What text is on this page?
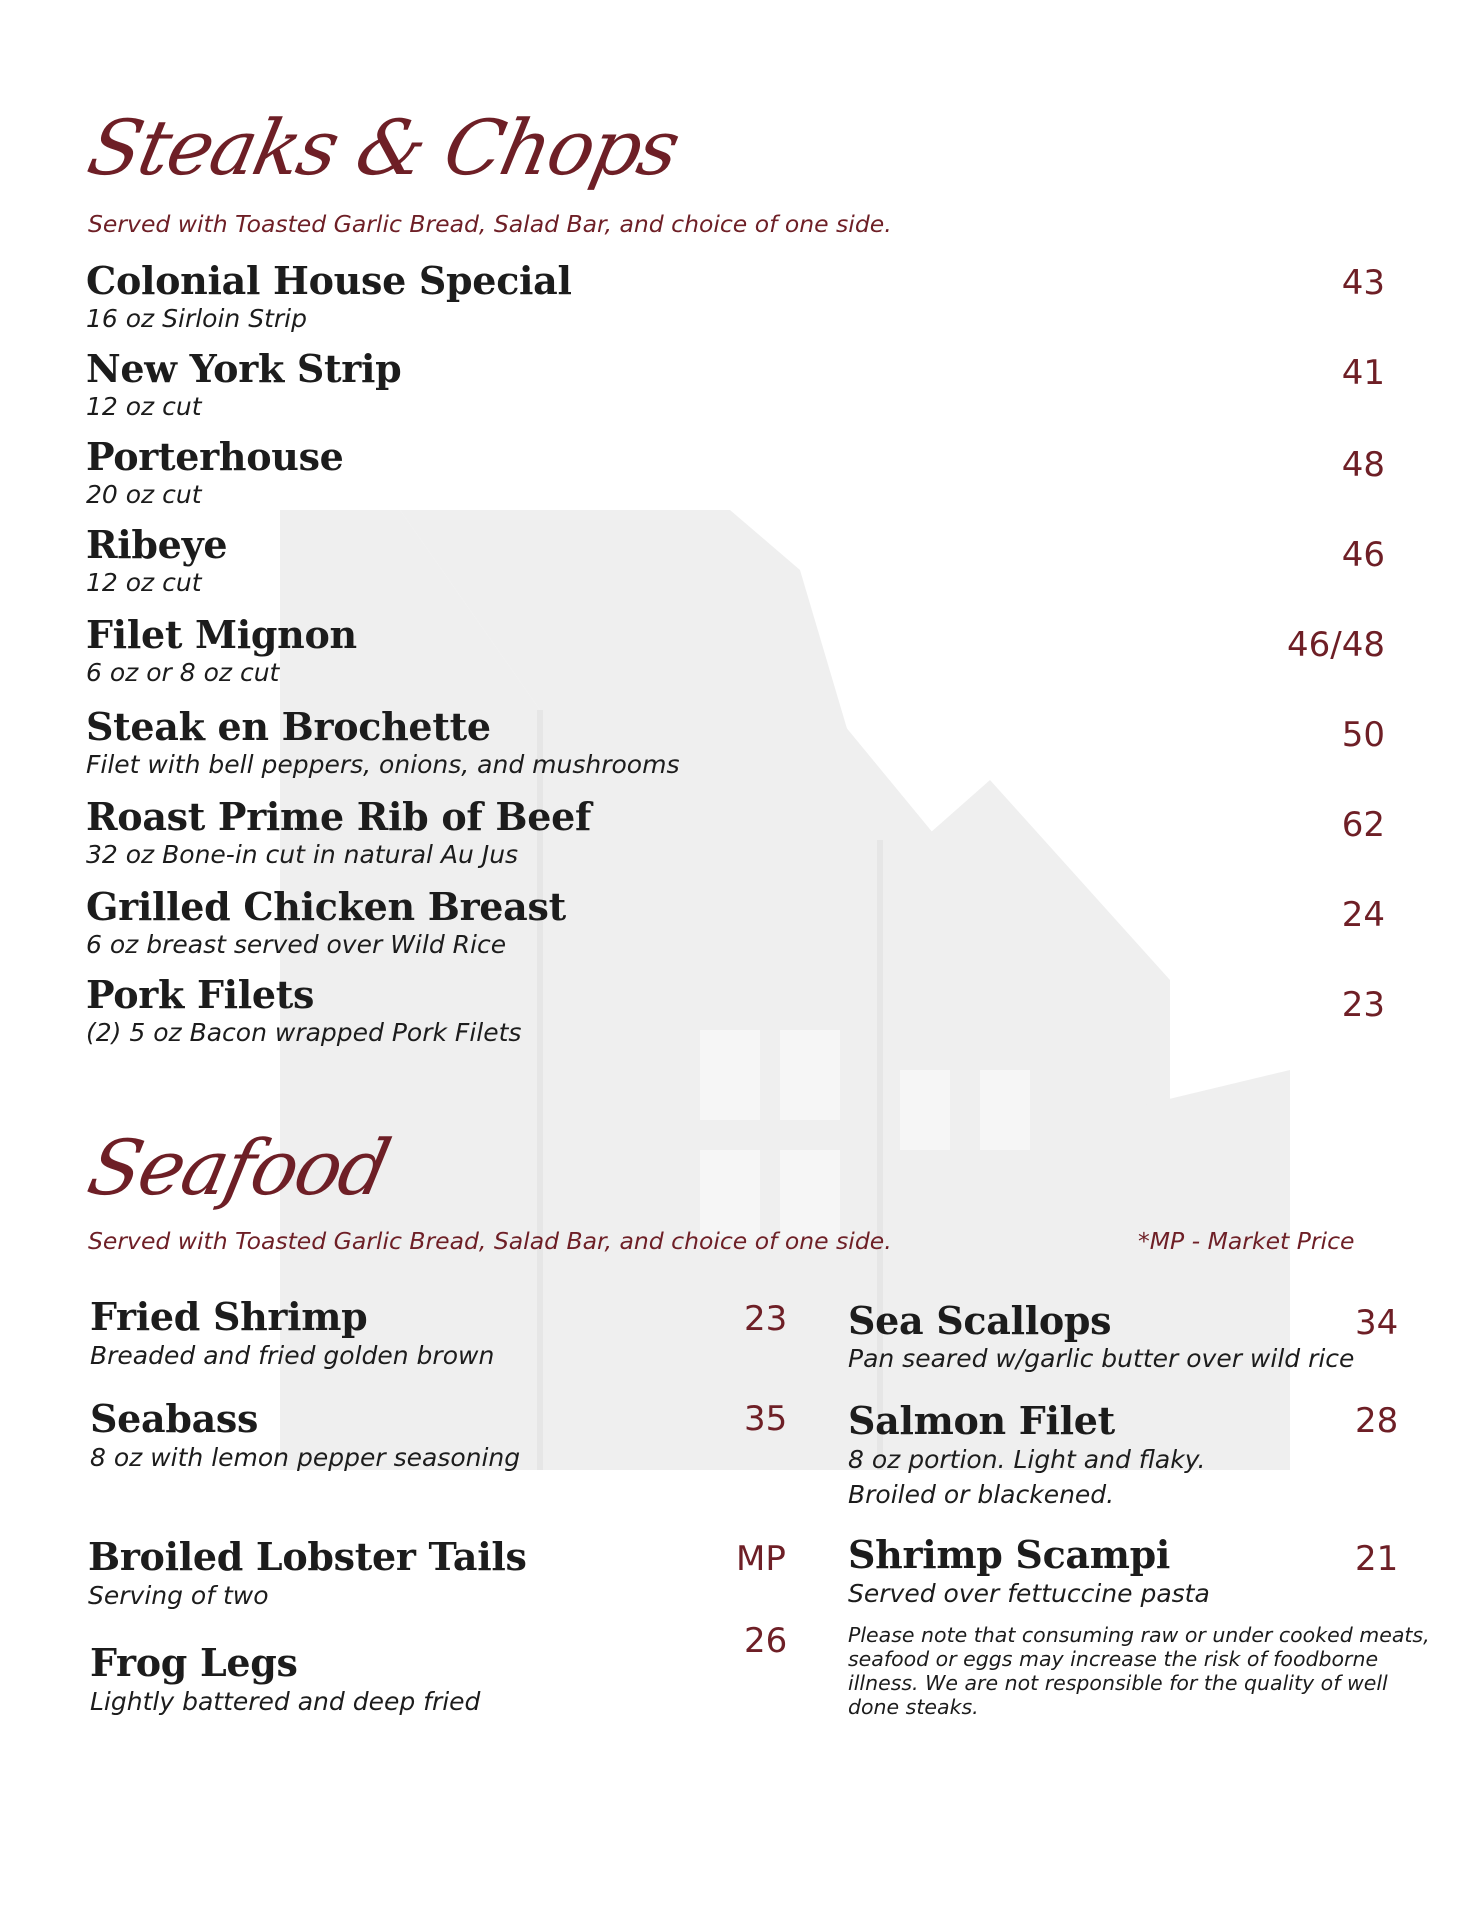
Steaks & Chops
Served with Toasted Garlic Bread, Salad Bar, and choice of one side.
Colonial House Special
16 oz Sirloin Strip
43
New York Strip
12 oz cut
41
Porterhouse
20 oz cut
48
Ribeye
12 oz cut
46
Filet Mignon
6 oz or 8 oz cut
46/48
Steak en Brochette
Filet with bell peppers, onions, and mushrooms
50
Roast Prime Rib of Beef
32 oz Bone-in cut in natural Au Jus
62
Grilled Chicken Breast
6 oz breast served over Wild Rice
24
Pork Filets
(2) 5 oz Bacon wrapped Pork Filets
23
Seafood
Served with Toasted Garlic Bread, Salad Bar, and choice of one side.	*MP - Market Price
Fried Shrimp
Breaded and fried golden brown
23
Seabass
8 oz with lemon pepper seasoning
35
Broiled Lobster Tails
Serving of two
MP
Frog Legs
Lightly battered and deep fried
26
Sea Scallops
Pan seared w/garlic butter over wild rice
34
Salmon Filet
8 oz portion. Light and flaky.
Broiled or blackened.
28
Shrimp Scampi
Served over fettuccine pasta
21
Please note that consuming raw or under cooked meats, seafood or eggs may increase the risk of foodborne illness. We are not responsible for the quality of well done steaks.
